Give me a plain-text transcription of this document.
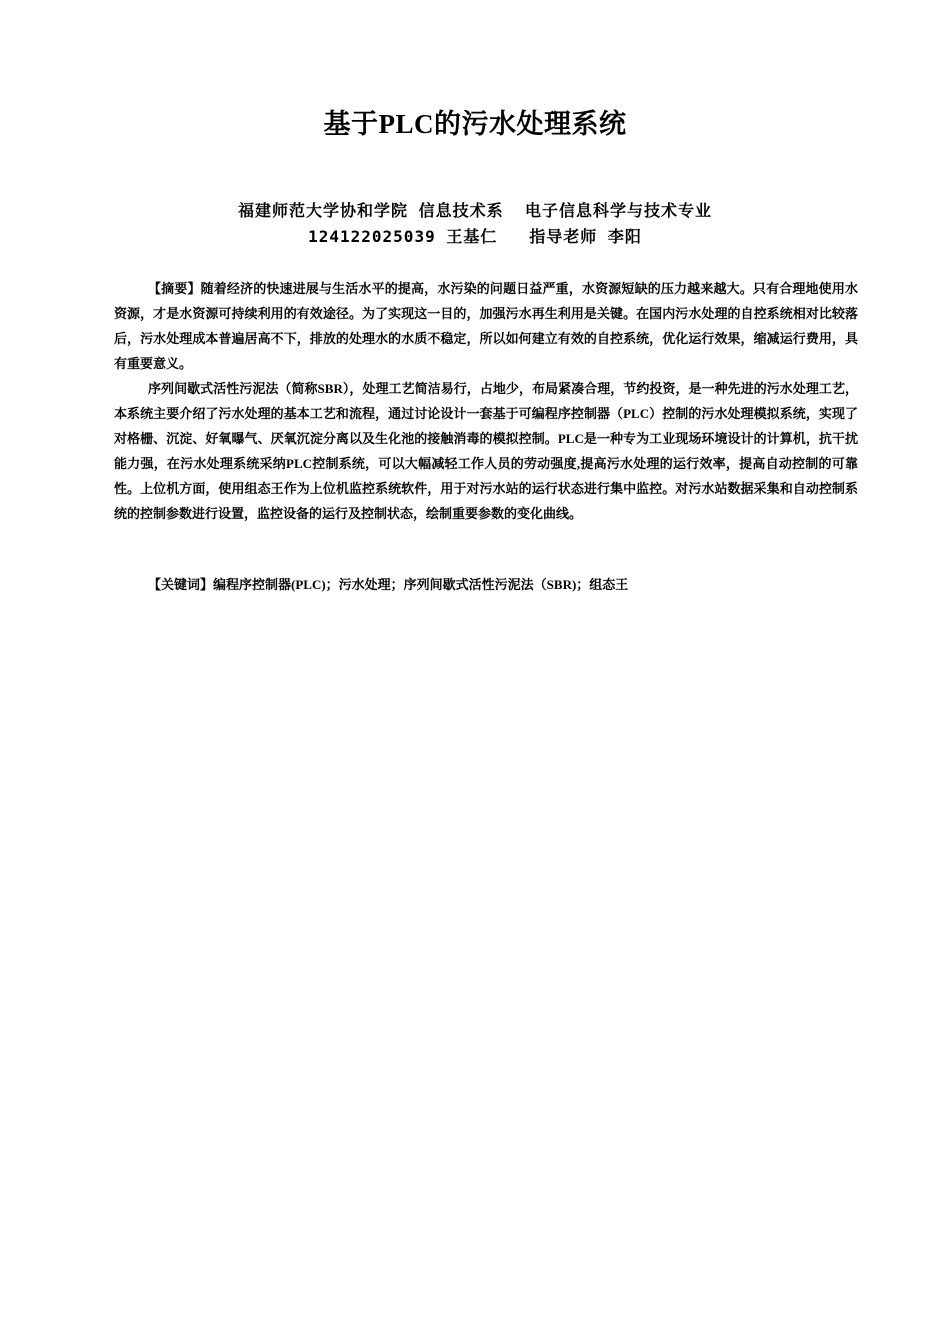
基于PLC的污水处理系统
福建师范大学协和学院 信息技术系  电子信息科学与技术专业
124122025039 王基仁   指导老师 李阳

【摘要】随着经济的快速进展与生活水平的提高，水污染的问题日益严重，水资源短缺的压力越来越大。只有合理地使用水资源，才是水资源可持续利用的有效途径。为了实现这一目的，加强污水再生利用是关键。在国内污水处理的自控系统相对比较落后，污水处理成本普遍居高不下，排放的处理水的水质不稳定，所以如何建立有效的自控系统，优化运行效果，缩减运行费用，具有重要意义。

序列间歇式活性污泥法（简称SBR），处理工艺简洁易行，占地少，布局紧凑合理，节约投资，是一种先进的污水处理工艺，本系统主要介绍了污水处理的基本工艺和流程，通过讨论设计一套基于可编程序控制器（PLC）控制的污水处理模拟系统，实现了对格栅、沉淀、好氧曝气、厌氧沉淀分离以及生化池的接触消毒的模拟控制。PLC是一种专为工业现场环境设计的计算机，抗干扰能力强，在污水处理系统采纳PLC控制系统，可以大幅减轻工作人员的劳动强度,提高污水处理的运行效率，提高自动控制的可靠性。上位机方面，使用组态王作为上位机监控系统软件，用于对污水站的运行状态进行集中监控。对污水站数据采集和自动控制系统的控制参数进行设置，监控设备的运行及控制状态，绘制重要参数的变化曲线。

【关键词】编程序控制器(PLC)；污水处理；序列间歇式活性污泥法（SBR)；组态王
